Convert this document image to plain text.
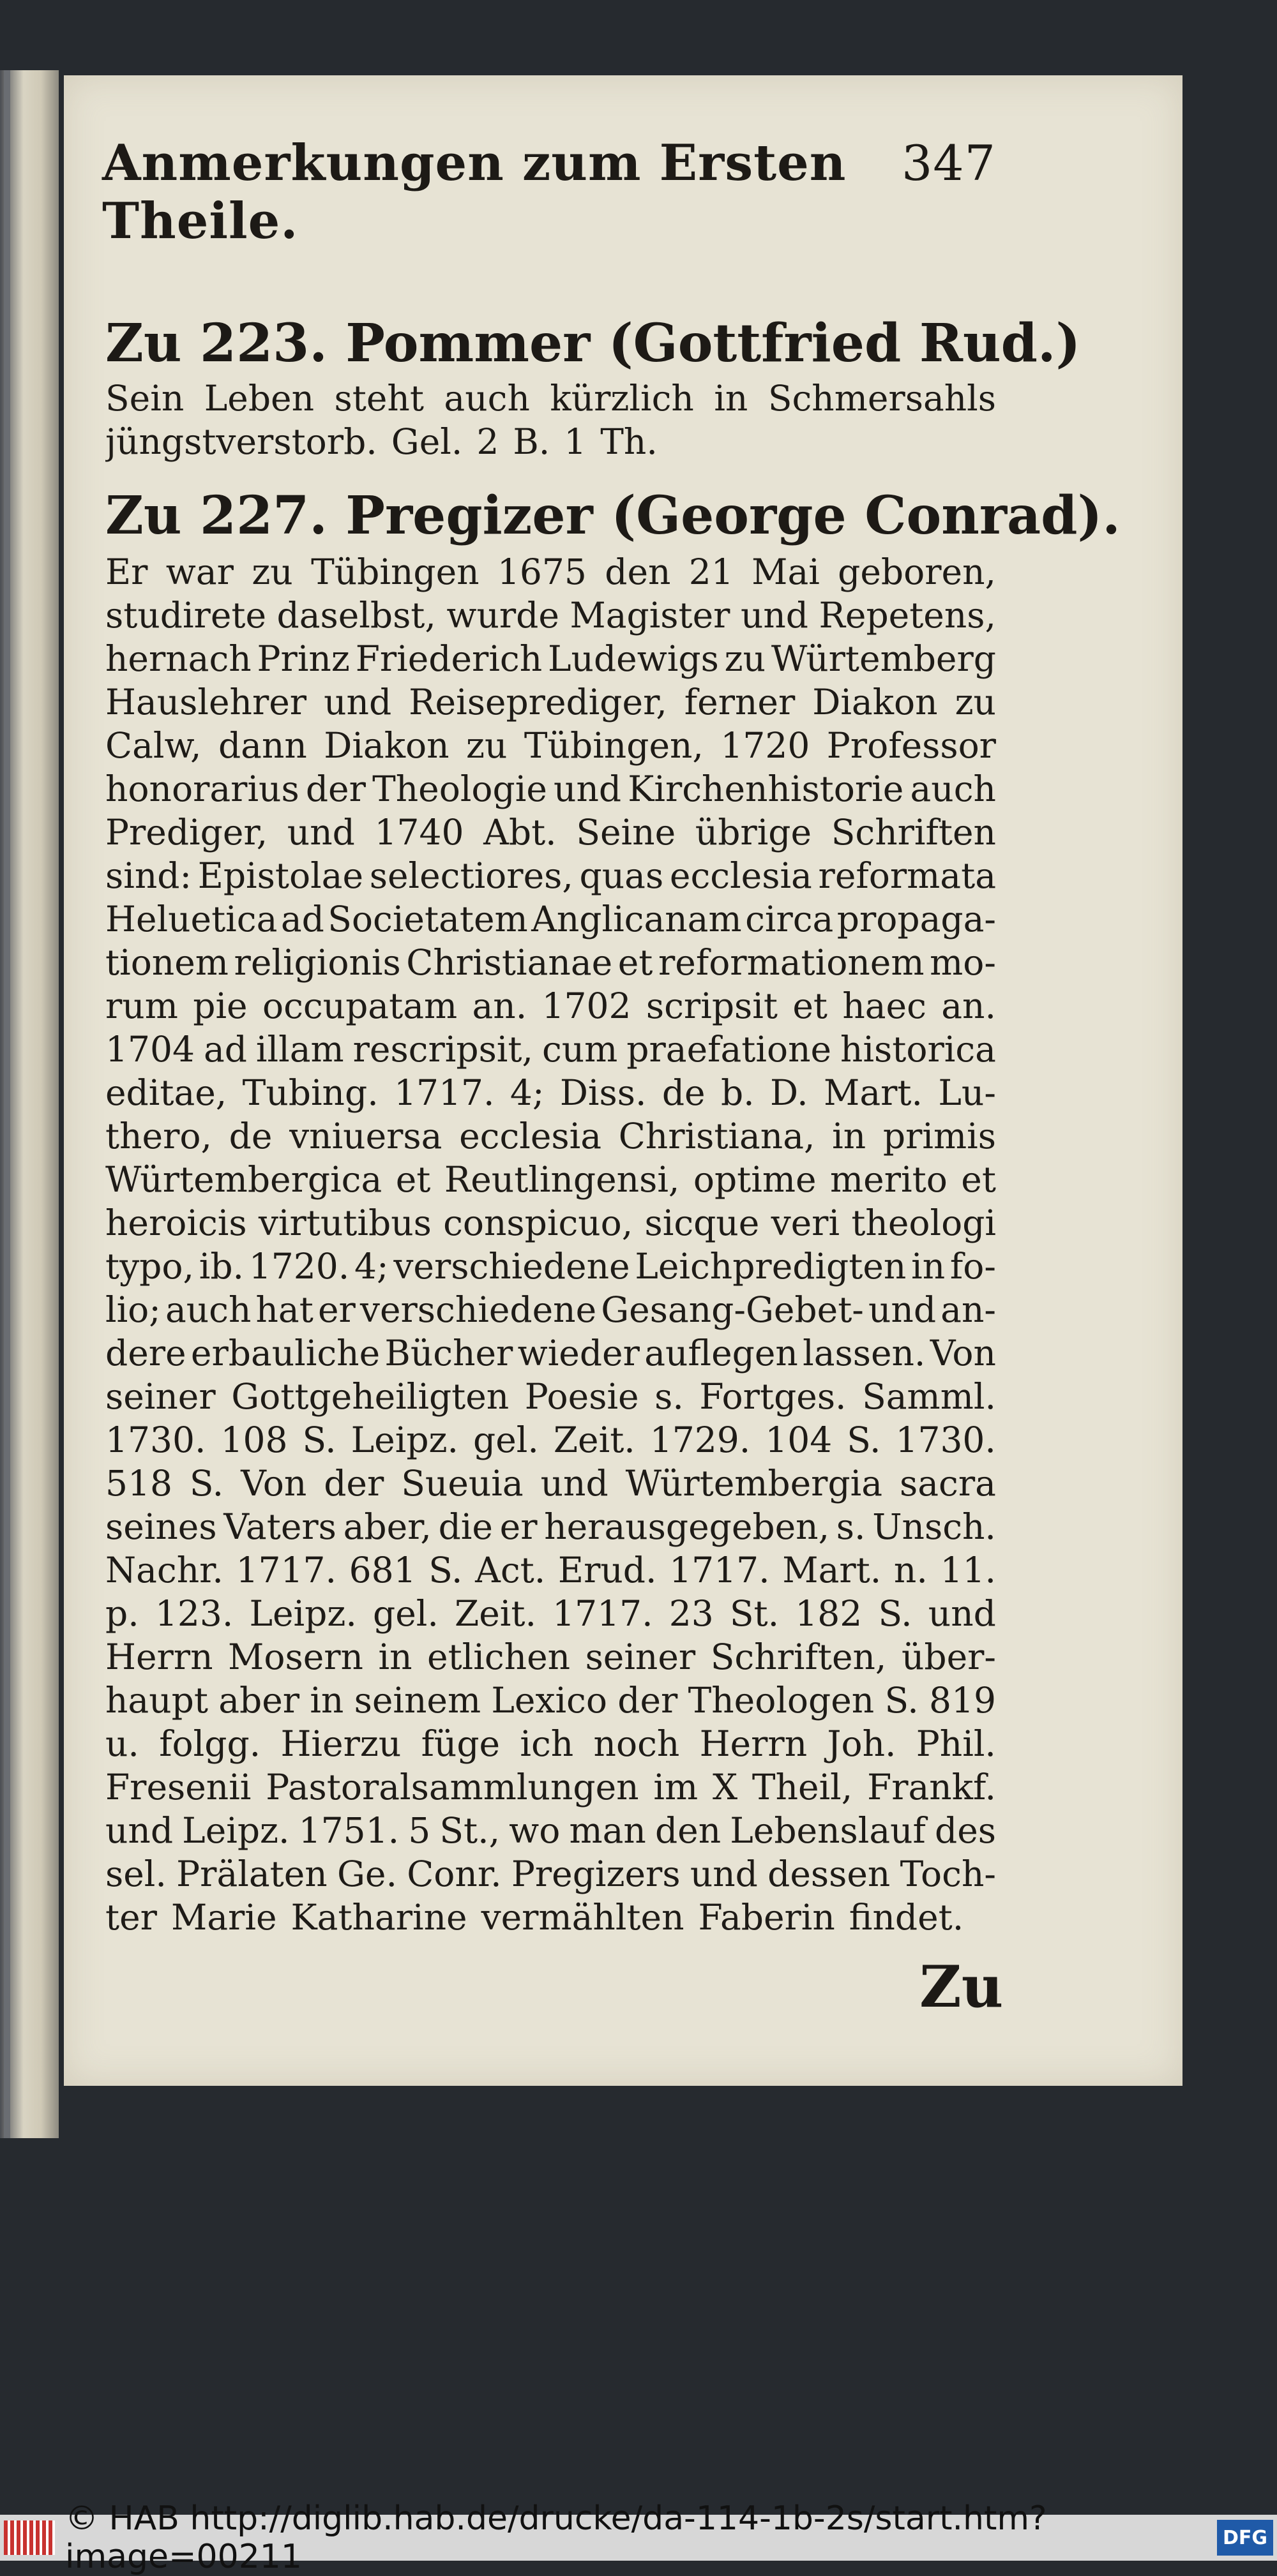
Anmerkungen zum Ersten Theile.
347
Zu 223. Pommer (Gottfried Rud.)
Sein Leben steht auch kürzlich in Schmersahls
jüngstverstorb. Gel. 2 B. 1 Th.
Zu 227. Pregizer (George Conrad).
Er war zu Tübingen 1675 den 21 Mai geboren,
studirete daselbst, wurde Magister und Repetens,
hernach Prinz Friederich Ludewigs zu Würtemberg
Hauslehrer und Reiseprediger, ferner Diakon zu
Calw, dann Diakon zu Tübingen, 1720 Professor
honorarius der Theologie und Kirchenhistorie auch
Prediger, und 1740 Abt. Seine übrige Schriften
sind: Epistolae selectiores, quas ecclesia reformata
Heluetica ad Societatem Anglicanam circa propaga-
tionem religionis Christianae et reformationem mo-
rum pie occupatam an. 1702 scripsit et haec an.
1704 ad illam rescripsit, cum praefatione historica
editae, Tubing. 1717. 4; Diss. de b. D. Mart. Lu-
thero, de vniuersa ecclesia Christiana, in primis
Würtembergica et Reutlingensi, optime merito et
heroicis virtutibus conspicuo, sicque veri theologi
typo, ib. 1720. 4; verschiedene Leichpredigten in fo-
lio; auch hat er verschiedene Gesang-Gebet- und an-
dere erbauliche Bücher wieder auflegen lassen. Von
seiner Gottgeheiligten Poesie s. Fortges. Samml.
1730. 108 S. Leipz. gel. Zeit. 1729. 104 S. 1730.
518 S. Von der Sueuia und Würtembergia sacra
seines Vaters aber, die er herausgegeben, s. Unsch.
Nachr. 1717. 681 S. Act. Erud. 1717. Mart. n. 11.
p. 123. Leipz. gel. Zeit. 1717. 23 St. 182 S. und
Herrn Mosern in etlichen seiner Schriften, über-
haupt aber in seinem Lexico der Theologen S. 819
u. folgg. Hierzu füge ich noch Herrn Joh. Phil.
Fresenii Pastoralsammlungen im X Theil, Frankf.
und Leipz. 1751. 5 St., wo man den Lebenslauf des
sel. Prälaten Ge. Conr. Pregizers und dessen Toch-
ter Marie Katharine vermählten Faberin findet.
Zu
© HAB http://diglib.hab.de/drucke/da-114-1b-2s/start.htm?image=00211	DFG
